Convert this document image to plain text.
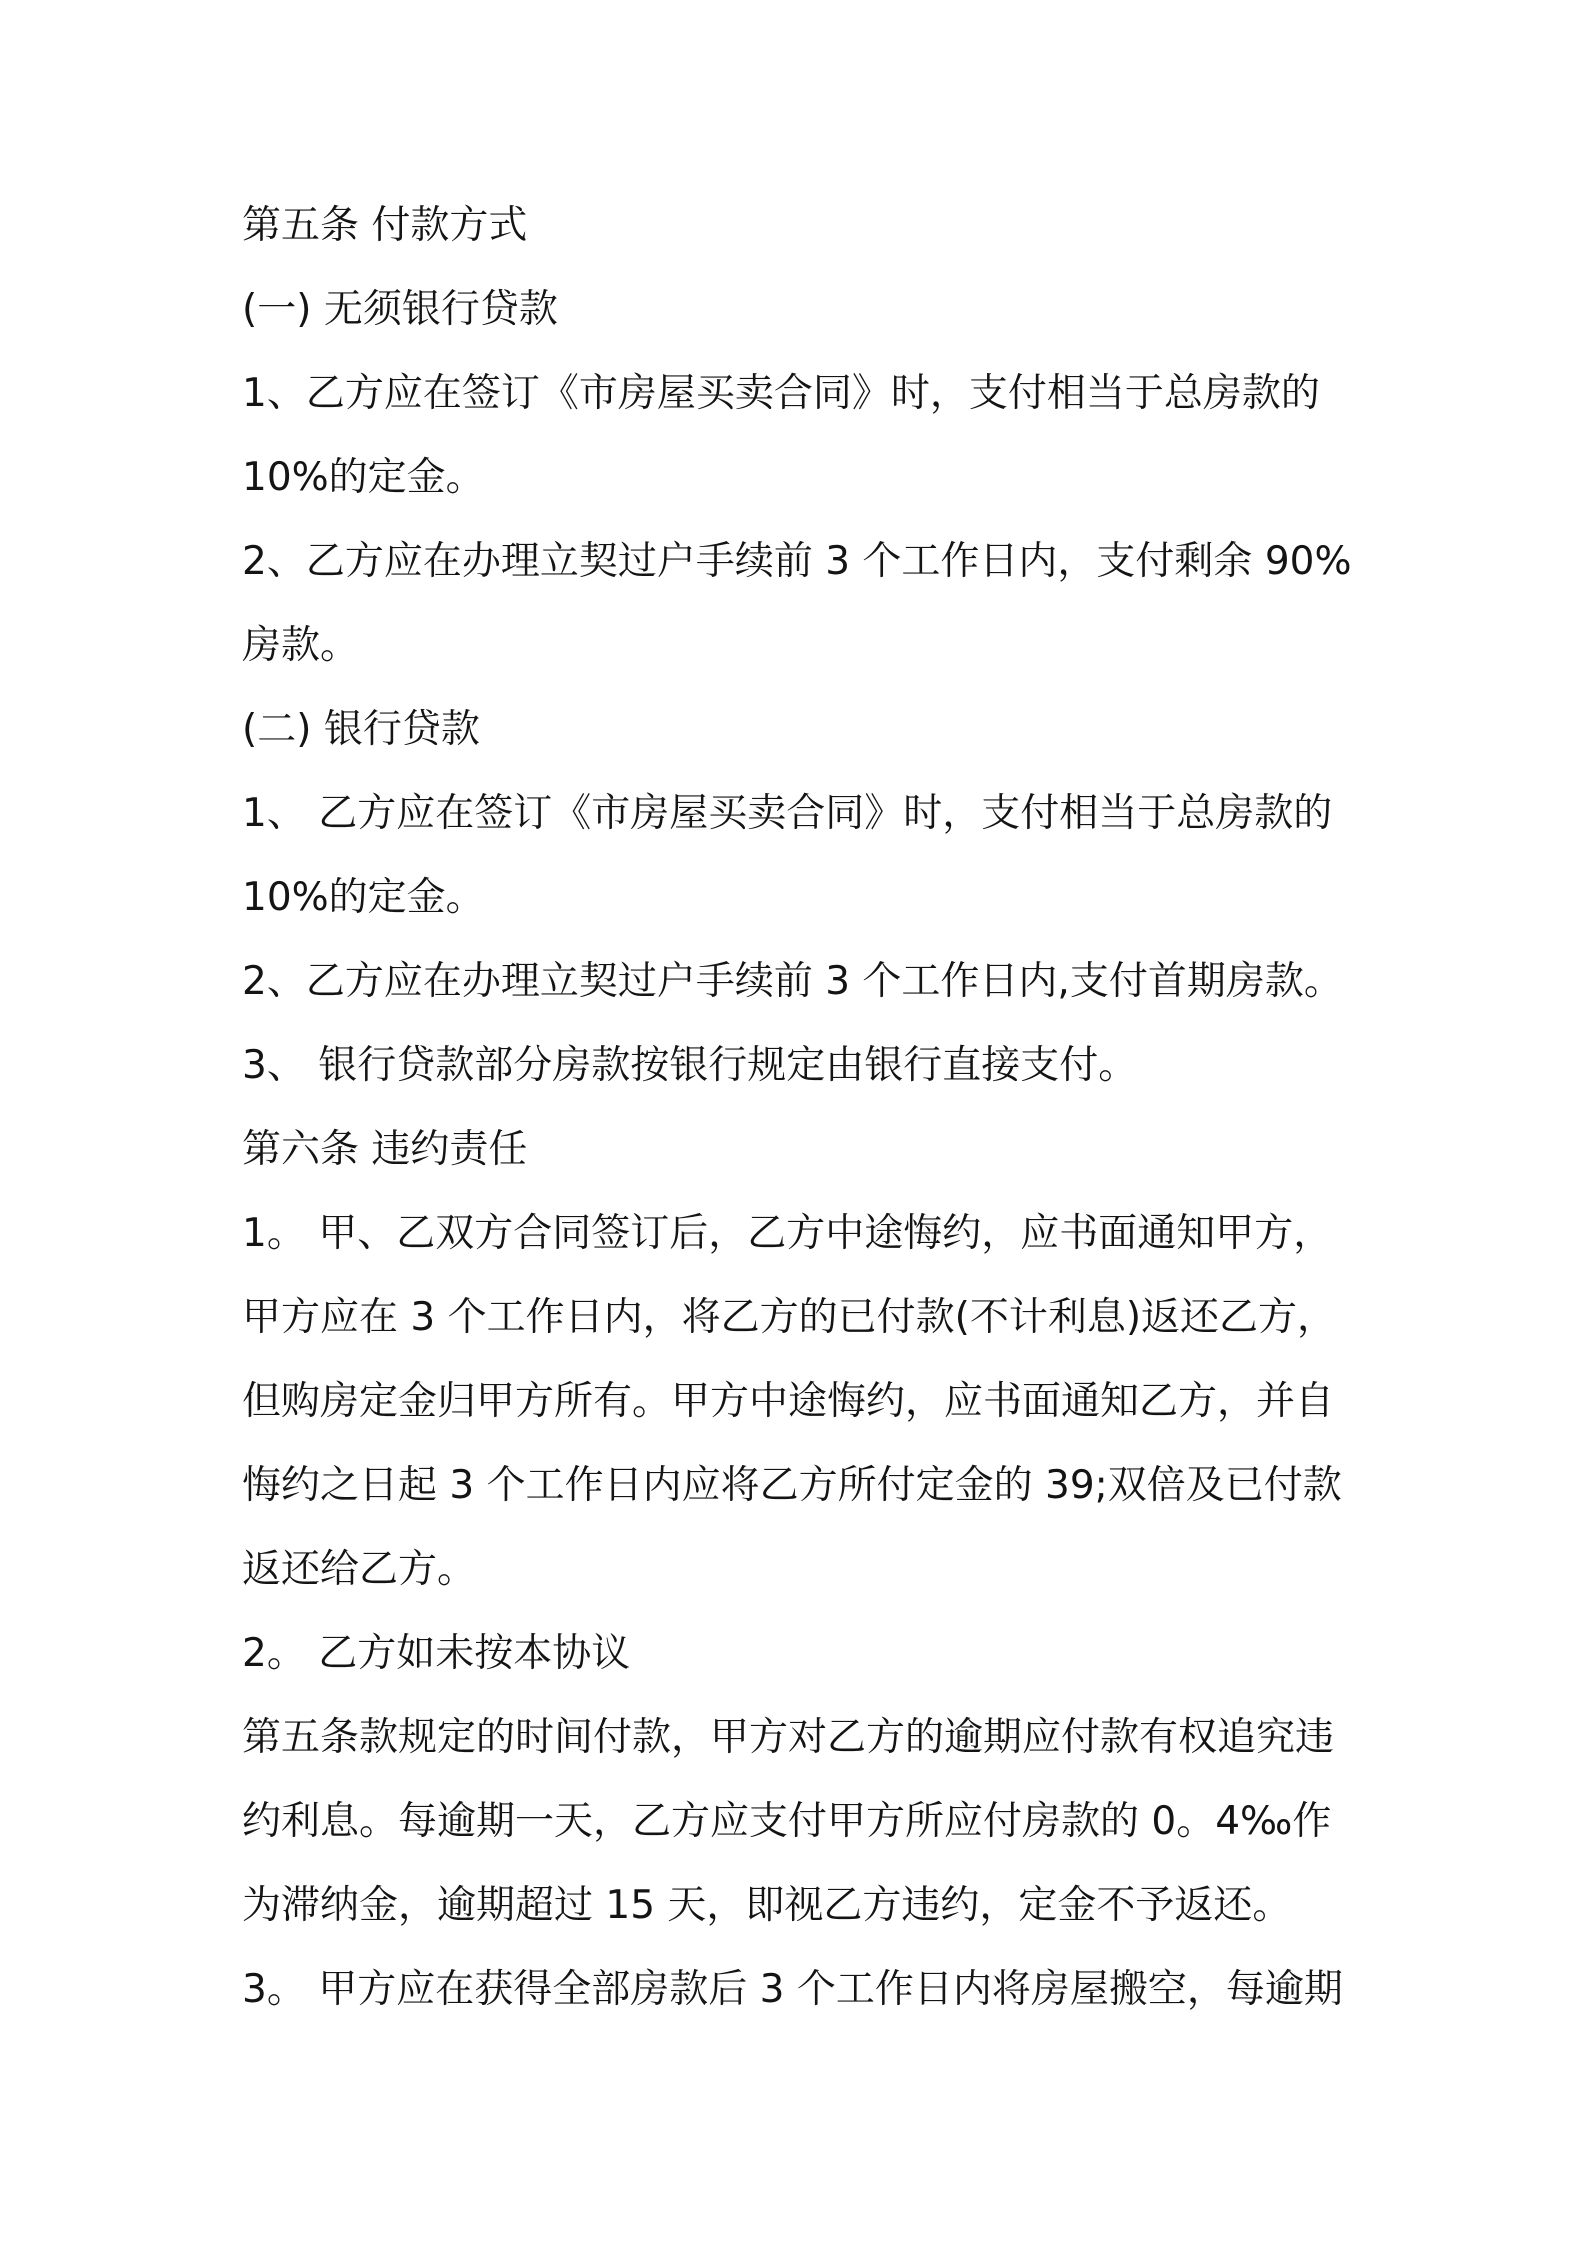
第五条 付款方式
(一) 无须银行贷款
1、乙方应在签订《市房屋买卖合同》时，支付相当于总房款的
10%的定金。
2、乙方应在办理立契过户手续前 3 个工作日内，支付剩余 90%
房款。
(二) 银行贷款
1、 乙方应在签订《市房屋买卖合同》时，支付相当于总房款的
10%的定金。
2、乙方应在办理立契过户手续前 3 个工作日内,支付首期房款。
3、 银行贷款部分房款按银行规定由银行直接支付。
第六条 违约责任
1。 甲、乙双方合同签订后，乙方中途悔约，应书面通知甲方，
甲方应在 3 个工作日内，将乙方的已付款(不计利息)返还乙方，
但购房定金归甲方所有。甲方中途悔约，应书面通知乙方，并自
悔约之日起 3 个工作日内应将乙方所付定金的 39;双倍及已付款
返还给乙方。
2。 乙方如未按本协议
第五条款规定的时间付款，甲方对乙方的逾期应付款有权追究违
约利息。每逾期一天，乙方应支付甲方所应付房款的 0。4‰作
为滞纳金，逾期超过 15 天，即视乙方违约，定金不予返还。
3。 甲方应在获得全部房款后 3 个工作日内将房屋搬空，每逾期
